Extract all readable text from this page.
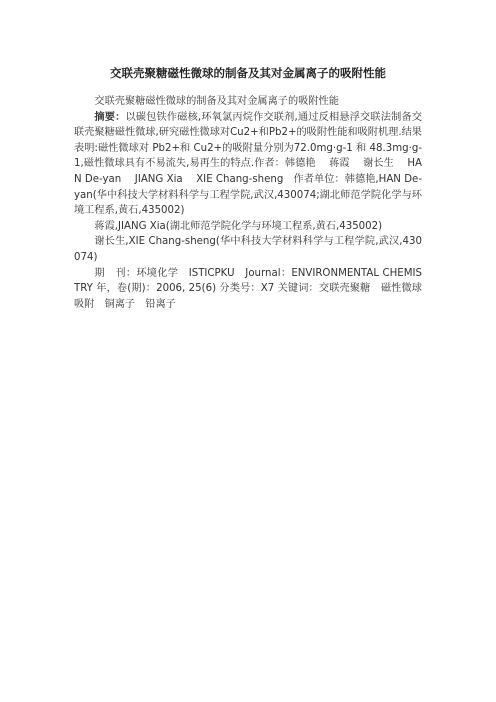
交联壳聚糖磁性微球的制备及其对金属离子的吸附性能

交联壳聚糖磁性微球的制备及其对金属离子的吸附性能

摘要：以碳包铁作磁核,环氧氯丙烷作交联剂,通过反相悬浮交联法制备交联壳聚糖磁性微球,研究磁性微球对Cu2+和Pb2+的吸附性能和吸附机理.结果表明:磁性微球对 Pb2+和 Cu2+的吸附量分别为72.0mg·g-1 和 48.3mg·g-1,磁性微球具有不易流失,易再生的特点.作者：韩德艳　 蒋霞　 谢长生　 HAN De-yan　 JIANG Xia　 XIE Chang-sheng　作者单位：韩德艳,HAN De-yan(华中科技大学材料科学与工程学院,武汉,430074;湖北师范学院化学与环境工程系,黄石,435002)

蒋霞,JIANG Xia(湖北师范学院化学与环境工程系,黄石,435002)

谢长生,XIE Chang-sheng(华中科技大学材料科学与工程学院,武汉,430074)

期　刊：环境化学　ISTICPKU　Journal：ENVIRONMENTAL CHEMISTRY 年，卷(期)：2006, 25(6) 分类号：X7 关键词：交联壳聚糖　磁性微球　吸附　铜离子　铅离子
